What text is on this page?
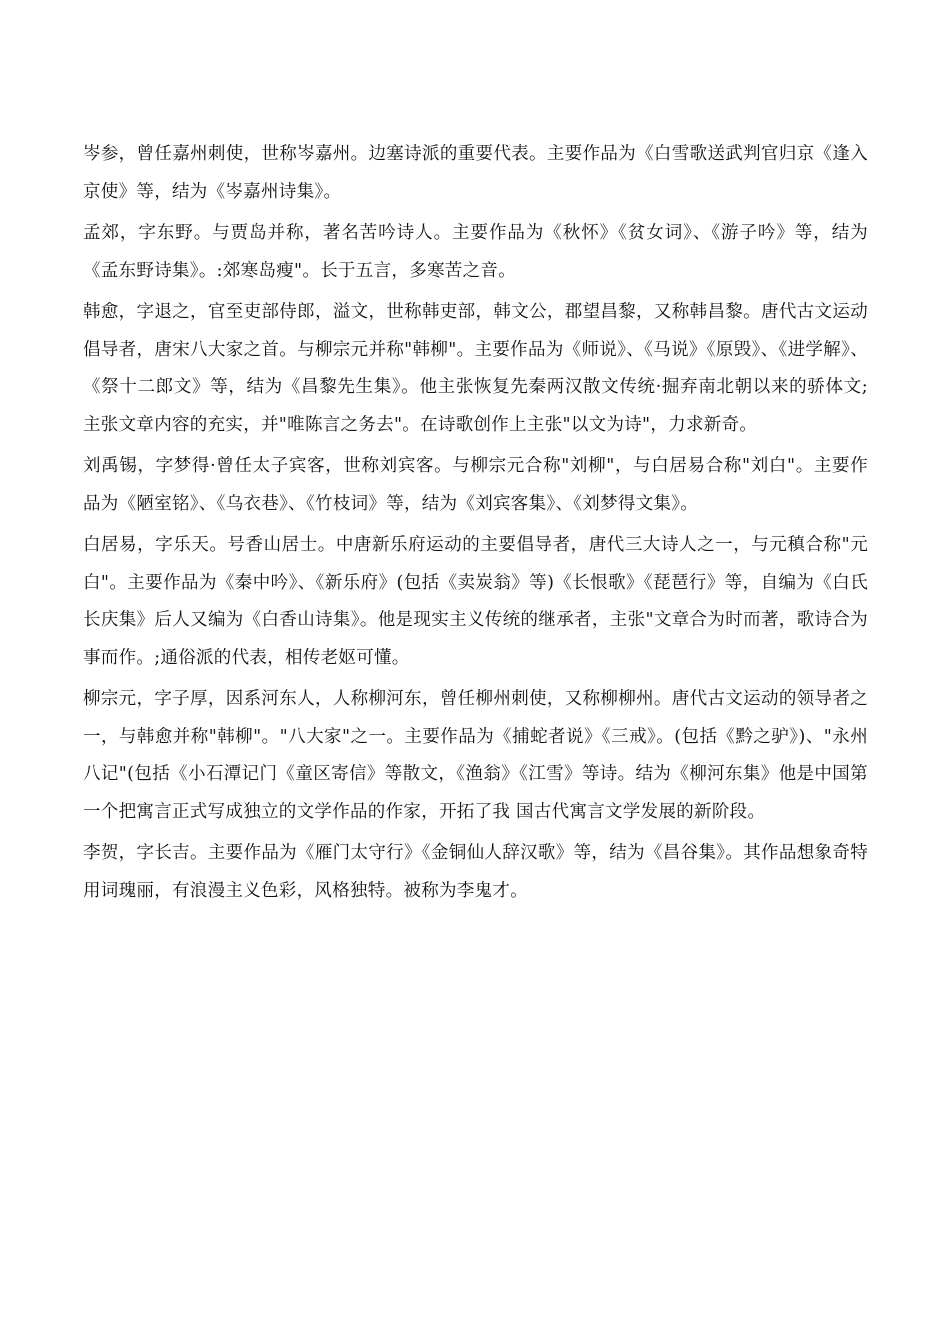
岑参，曾任嘉州刺使，世称岑嘉州。边塞诗派的重要代表。主要作品为《白雪歌送武判官归京《逢入京使》等，结为《岑嘉州诗集》。

孟郊，字东野。与贾岛并称，著名苦吟诗人。主要作品为《秋怀》《贫女词》、《游子吟》等，结为《孟东野诗集》。:郊寒岛瘦"。长于五言，多寒苦之音。

韩愈，字退之，官至吏部侍郎，溢文，世称韩吏部，韩文公，郡望昌黎，又称韩昌黎。唐代古文运动倡导者，唐宋八大家之首。与柳宗元并称"韩柳"。主要作品为《师说》、《马说》《原毁》、《进学解》、《祭十二郎文》等，结为《昌黎先生集》。他主张恢复先秦两汉散文传统·掘弃南北朝以来的骄体文;主张文章内容的充实，并"唯陈言之务去"。在诗歌创作上主张"以文为诗"，力求新奇。

刘禹锡，字梦得·曾任太子宾客，世称刘宾客。与柳宗元合称"刘柳"，与白居易合称"刘白"。主要作品为《陋室铭》、《乌衣巷》、《竹枝词》等，结为《刘宾客集》、《刘梦得文集》。

白居易，字乐天。号香山居士。中唐新乐府运动的主要倡导者，唐代三大诗人之一，与元稹合称"元白"。主要作品为《秦中吟》、《新乐府》(包括《卖炭翁》等)《长恨歌》《琵琶行》等，自编为《白氏长庆集》后人又编为《白香山诗集》。他是现实主义传统的继承者，主张"文章合为时而著，歌诗合为事而作。;通俗派的代表，相传老妪可懂。

柳宗元，字子厚，因系河东人，人称柳河东，曾任柳州刺使，又称柳柳州。唐代古文运动的领导者之一，与韩愈并称"韩柳"。"八大家"之一。主要作品为《捕蛇者说》《三戒》。(包括《黔之驴》)、"永州八记"(包括《小石潭记门《童区寄信》等散文，《渔翁》《江雪》等诗。结为《柳河东集》他是中国第一个把寓言正式写成独立的文学作品的作家，开拓了我 国古代寓言文学发展的新阶段。

李贺，字长吉。主要作品为《雁门太守行》《金铜仙人辞汉歌》等，结为《昌谷集》。其作品想象奇特用词瑰丽，有浪漫主义色彩，风格独特。被称为李鬼才。
